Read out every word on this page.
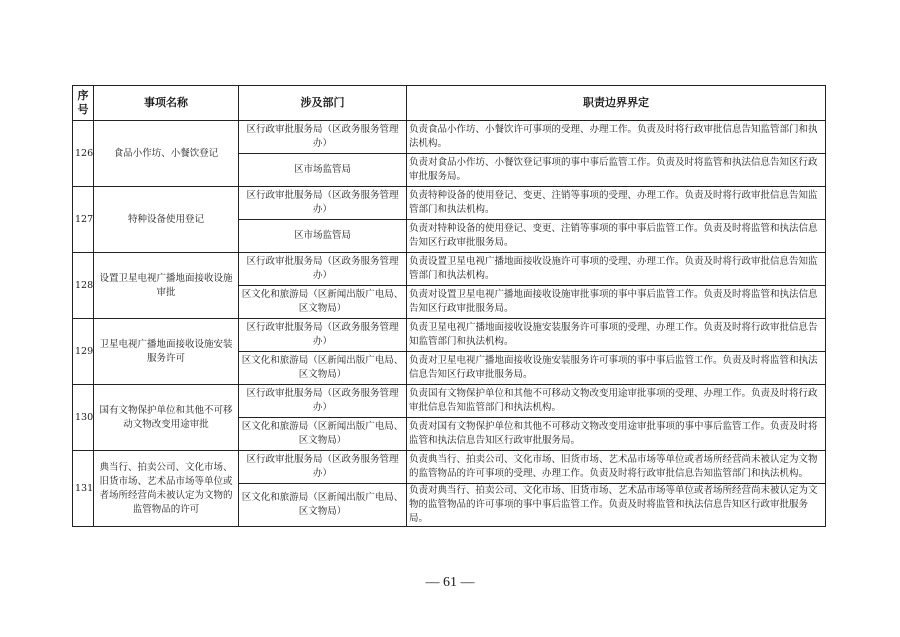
序号	事项名称	涉及部门	职责边界界定
126	食品小作坊、小餐饮登记	区行政审批服务局（区政务服务管理办）	负责食品小作坊、小餐饮许可事项的受理、办理工作。负责及时将行政审批信息告知监管部门和执法机构。
		区市场监管局	负责对食品小作坊、小餐饮登记事项的事中事后监管工作。负责及时将监管和执法信息告知区行政审批服务局。
127	特种设备使用登记	区行政审批服务局（区政务服务管理办）	负责特种设备的使用登记、变更、注销等事项的受理、办理工作。负责及时将行政审批信息告知监管部门和执法机构。
		区市场监管局	负责对特种设备的使用登记、变更、注销等事项的事中事后监管工作。负责及时将监管和执法信息告知区行政审批服务局。
128	设置卫星电视广播地面接收设施审批	区行政审批服务局（区政务服务管理办）	负责设置卫星电视广播地面接收设施许可事项的受理、办理工作。负责及时将行政审批信息告知监管部门和执法机构。
		区文化和旅游局（区新闻出版广电局、区文物局）	负责对设置卫星电视广播地面接收设施审批事项的事中事后监管工作。负责及时将监管和执法信息告知区行政审批服务局。
129	卫星电视广播地面接收设施安装服务许可	区行政审批服务局（区政务服务管理办）	负责卫星电视广播地面接收设施安装服务许可事项的受理、办理工作。负责及时将行政审批信息告知监管部门和执法机构。
		区文化和旅游局（区新闻出版广电局、区文物局）	负责对卫星电视广播地面接收设施安装服务许可事项的事中事后监管工作。负责及时将监管和执法信息告知区行政审批服务局。
130	国有文物保护单位和其他不可移动文物改变用途审批	区行政审批服务局（区政务服务管理办）	负责国有文物保护单位和其他不可移动文物改变用途审批事项的受理、办理工作。负责及时将行政审批信息告知监管部门和执法机构。
		区文化和旅游局（区新闻出版广电局、区文物局）	负责对国有文物保护单位和其他不可移动文物改变用途审批事项的事中事后监管工作。负责及时将监管和执法信息告知区行政审批服务局。
131	典当行、拍卖公司、文化市场、旧货市场、艺术品市场等单位或者场所经营尚未被认定为文物的监管物品的许可	区行政审批服务局（区政务服务管理办）	负责典当行、拍卖公司、文化市场、旧货市场、艺术品市场等单位或者场所经营尚未被认定为文物的监管物品的许可事项的受理、办理工作。负责及时将行政审批信息告知监管部门和执法机构。
		区文化和旅游局（区新闻出版广电局、区文物局）	负责对典当行、拍卖公司、文化市场、旧货市场、艺术品市场等单位或者场所经营尚未被认定为文物的监管物品的许可事项的事中事后监管工作。负责及时将监管和执法信息告知区行政审批服务局。
— 61 —
